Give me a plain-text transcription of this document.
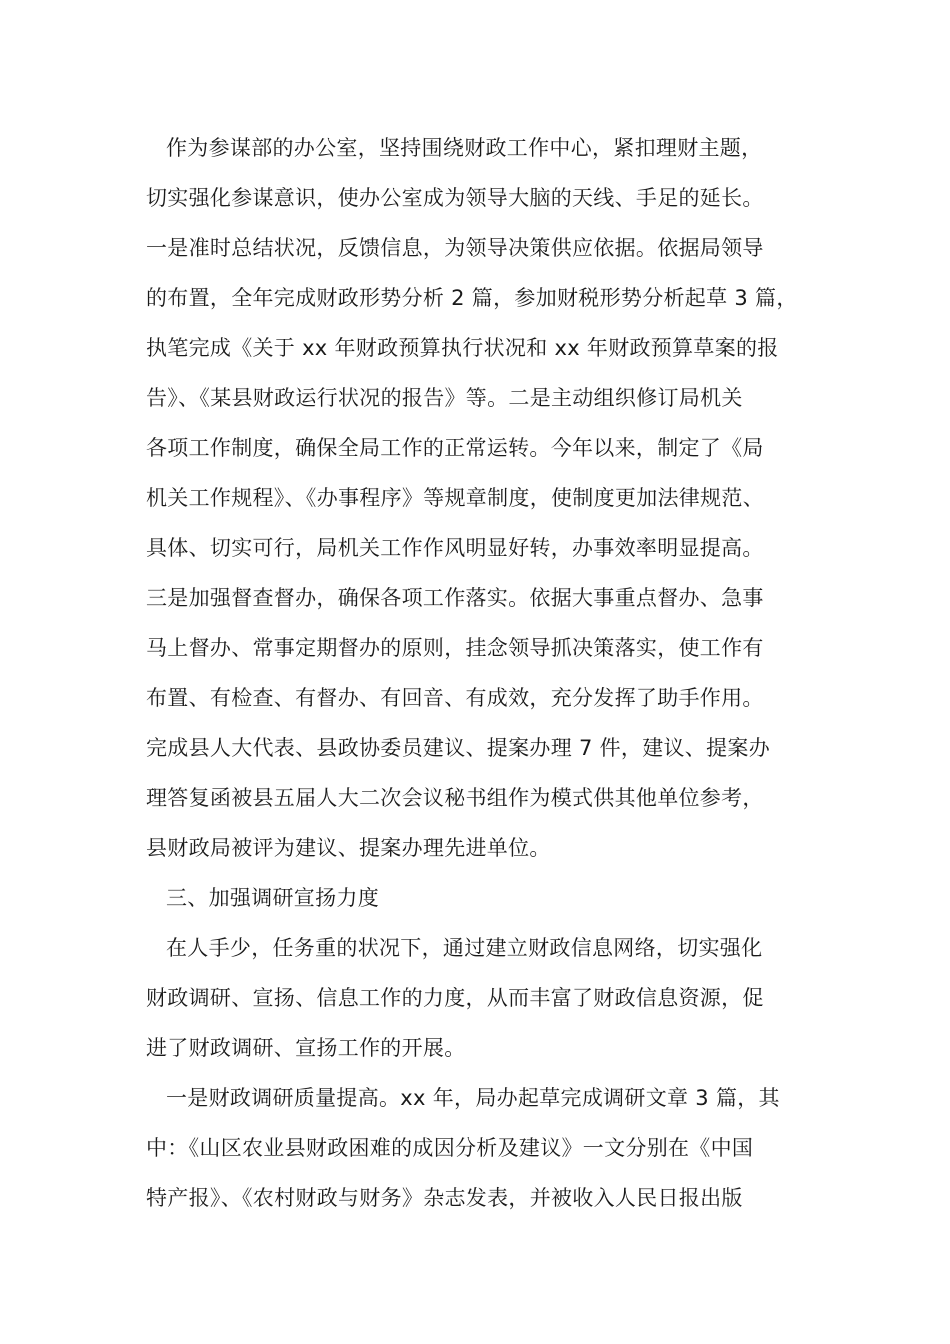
作为参谋部的办公室，坚持围绕财政工作中心，紧扣理财主题，
切实强化参谋意识，使办公室成为领导大脑的天线、手足的延长。
一是准时总结状况，反馈信息，为领导决策供应依据。依据局领导
的布置，全年完成财政形势分析 2 篇，参加财税形势分析起草 3 篇，
执笔完成《关于 xx 年财政预算执行状况和 xx 年财政预算草案的报
告》、《某县财政运行状况的报告》等。二是主动组织修订局机关
各项工作制度，确保全局工作的正常运转。今年以来，制定了《局
机关工作规程》、《办事程序》等规章制度，使制度更加法律规范、
具体、切实可行，局机关工作作风明显好转，办事效率明显提高。
三是加强督查督办，确保各项工作落实。依据大事重点督办、急事
马上督办、常事定期督办的原则，挂念领导抓决策落实，使工作有
布置、有检查、有督办、有回音、有成效，充分发挥了助手作用。
完成县人大代表、县政协委员建议、提案办理 7 件，建议、提案办
理答复函被县五届人大二次会议秘书组作为模式供其他单位参考，
县财政局被评为建议、提案办理先进单位。
三、加强调研宣扬力度
在人手少，任务重的状况下，通过建立财政信息网络，切实强化
财政调研、宣扬、信息工作的力度，从而丰富了财政信息资源，促
进了财政调研、宣扬工作的开展。
一是财政调研质量提高。xx 年，局办起草完成调研文章 3 篇，其
中：《山区农业县财政困难的成因分析及建议》一文分别在《中国
特产报》、《农村财政与财务》杂志发表，并被收入人民日报出版
